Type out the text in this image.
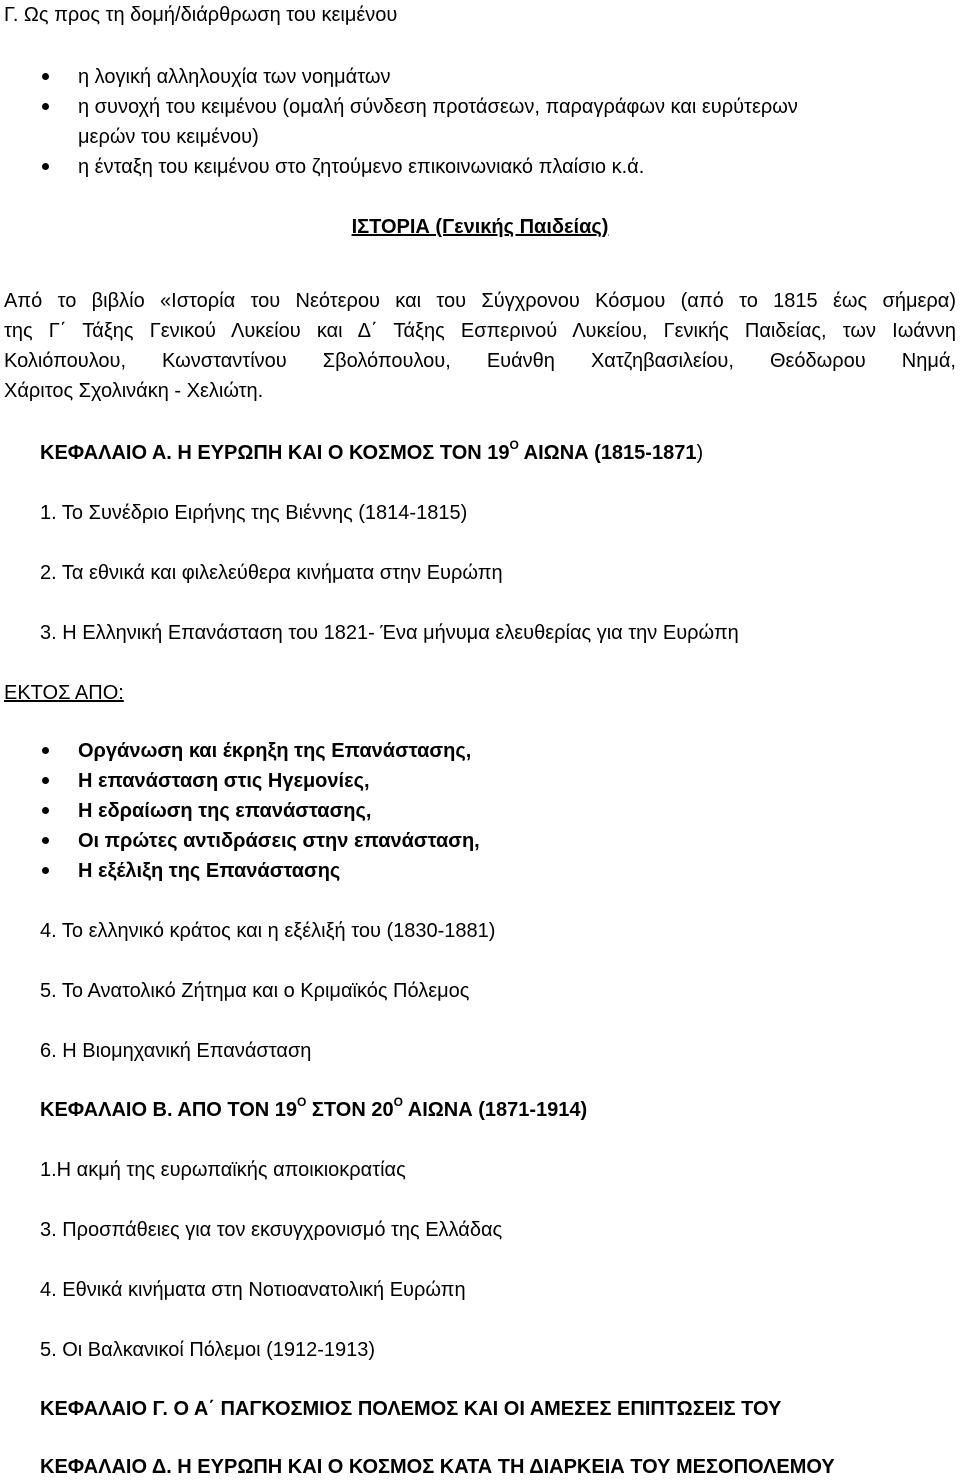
Γ. Ως προς τη δομή/διάρθρωση του κειμένου
η λογική αλληλουχία των νοημάτων
η συνοχή του κειμένου (ομαλή σύνδεση προτάσεων, παραγράφων και ευρύτερων
μερών του κειμένου)
η ένταξη του κειμένου στο ζητούμενο επικοινωνιακό πλαίσιο κ.ά.
ΙΣΤΟΡΙΑ (Γενικής Παιδείας)
Από το βιβλίο «Ιστορία του Νεότερου και του Σύγχρονου Κόσμου (από το 1815 έως σήμερα)
της Γ΄ Τάξης Γενικού Λυκείου και Δ΄ Τάξης Εσπερινού Λυκείου, Γενικής Παιδείας, των Ιωάννη
Κολιόπουλου, Κωνσταντίνου Σβολόπουλου, Ευάνθη Χατζηβασιλείου, Θεόδωρου Νημά,
Χάριτος Σχολινάκη - Χελιώτη.
ΚΕΦΑΛΑΙΟ Α. Η ΕΥΡΩΠΗ ΚΑΙ Ο ΚΟΣΜΟΣ ΤΟΝ $19^O$ ΑΙΩΝΑ (1815-1871)
1. Το Συνέδριο Ειρήνης της Βιέννης (1814-1815)
2. Τα εθνικά και φιλελεύθερα κινήματα στην Ευρώπη
3. Η Ελληνική Επανάσταση του 1821- Ένα μήνυμα ελευθερίας για την Ευρώπη
ΕΚΤΟΣ ΑΠΟ:
Οργάνωση και έκρηξη της Επανάστασης,
Η επανάσταση στις Ηγεμονίες,
Η εδραίωση της επανάστασης,
Οι πρώτες αντιδράσεις στην επανάσταση,
Η εξέλιξη της Επανάστασης
4. Το ελληνικό κράτος και η εξέλιξή του (1830-1881)
5. Το Ανατολικό Ζήτημα και ο Κριμαϊκός Πόλεμος
6. Η Βιομηχανική Επανάσταση
ΚΕΦΑΛΑΙΟ Β. ΑΠΟ ΤΟΝ $19^O$ ΣΤΟΝ $20^O$ ΑΙΩΝΑ (1871-1914)
1.Η ακμή της ευρωπαϊκής αποικιοκρατίας
3. Προσπάθειες για τον εκσυγχρονισμό της Ελλάδας
4. Εθνικά κινήματα στη Νοτιοανατολική Ευρώπη
5. Οι Βαλκανικοί Πόλεμοι (1912-1913)
ΚΕΦΑΛΑΙΟ Γ. Ο Α΄ ΠΑΓΚΟΣΜΙΟΣ ΠΟΛΕΜΟΣ ΚΑΙ ΟΙ ΑΜΕΣΕΣ ΕΠΙΠΤΩΣΕΙΣ ΤΟΥ
ΚΕΦΑΛΑΙΟ Δ. Η ΕΥΡΩΠΗ ΚΑΙ Ο ΚΟΣΜΟΣ ΚΑΤΑ ΤΗ ΔΙΑΡΚΕΙΑ ΤΟΥ ΜΕΣΟΠΟΛΕΜΟΥ
